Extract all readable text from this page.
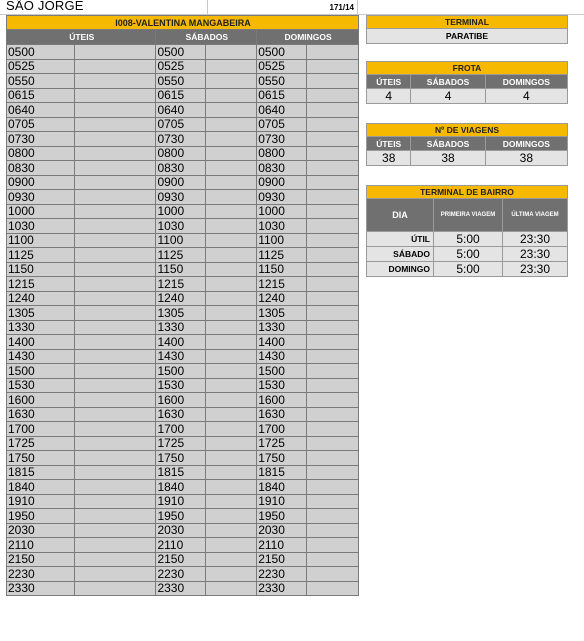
SÃO JORGE	171/14
I008-VALENTINA MANGABEIRA					
ÚTEIS		SÁBADOS		DOMINGOS	
0500		0500		0500	
0525		0525		0525	
0550		0550		0550	
0615		0615		0615	
0640		0640		0640	
0705		0705		0705	
0730		0730		0730	
0800		0800		0800	
0830		0830		0830	
0900		0900		0900	
0930		0930		0930	
1000		1000		1000	
1030		1030		1030	
1100		1100		1100	
1125		1125		1125	
1150		1150		1150	
1215		1215		1215	
1240		1240		1240	
1305		1305		1305	
1330		1330		1330	
1400		1400		1400	
1430		1430		1430	
1500		1500		1500	
1530		1530		1530	
1600		1600		1600	
1630		1630		1630	
1700		1700		1700	
1725		1725		1725	
1750		1750		1750	
1815		1815		1815	
1840		1840		1840	
1910		1910		1910	
1950		1950		1950	
2030		2030		2030	
2110		2110		2110	
2150		2150		2150	
2230		2230		2230	
2330		2330		2330	
TERMINAL
PARATIBE
FROTA		
ÚTEIS	SÁBADOS	DOMINGOS
4	4	4
Nº DE VIAGENS		
ÚTEIS	SÁBADOS	DOMINGOS
38	38	38
TERMINAL DE BAIRRO		
DIA	PRIMEIRA VIAGEM	ÚLTIMA VIAGEM
ÚTIL	5:00	23:30
SÁBADO	5:00	23:30
DOMINGO	5:00	23:30
